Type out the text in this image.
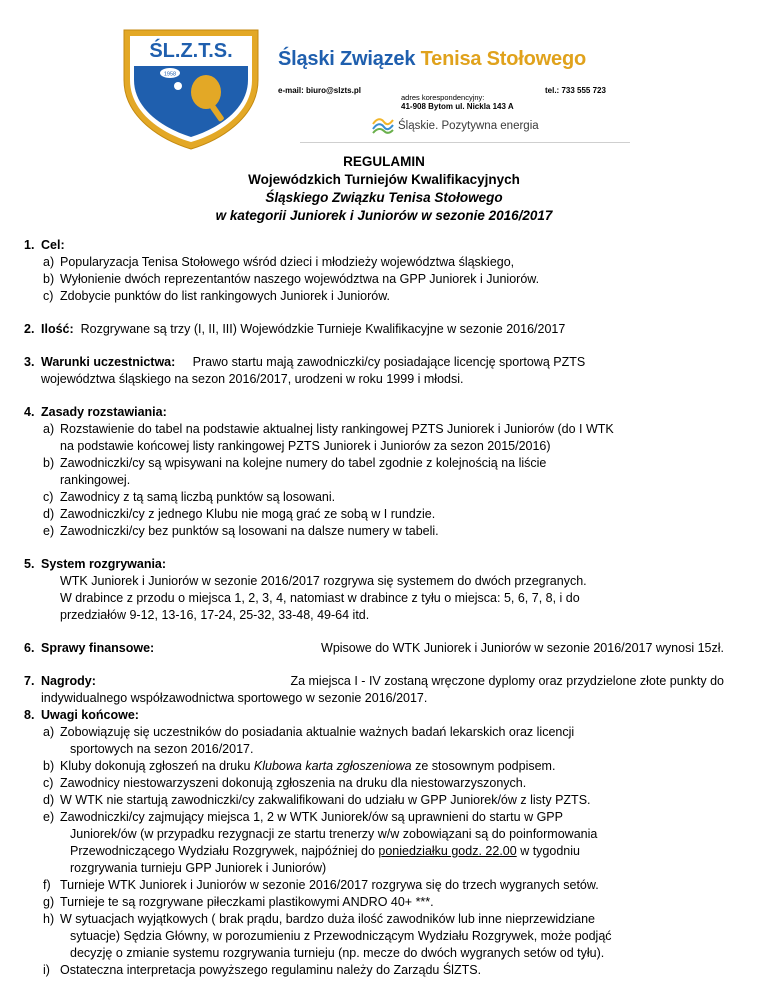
1958
ŚL.Z.T.S. Śląski Związek Tenisa Stołowego
e-mail: biuro@slzts.pl	tel.: 733 555 723
adres korespondencyjny:
41-908 Bytom ul. Nickla 143 A
Śląskie.
Pozytywna energia
REGULAMIN
Wojewódzkich Turniejów Kwalifikacyjnych
Śląskiego Związku Tenisa Stołowego
w kategorii Juniorek i Juniorów w sezonie 2016/2017
1. Cel:
a) Popularyzacja Tenisa Stołowego wśród dzieci i młodzieży województwa śląskiego,
b) Wyłonienie dwóch reprezentantów naszego województwa na GPP Juniorek i Juniorów.
c) Zdobycie punktów do list rankingowych Juniorek i Juniorów.
2. Ilość: Rozgrywane są trzy (I, II, III) Wojewódzkie Turnieje Kwalifikacyjne w sezonie 2016/2017
3. Warunki uczestnictwa: Prawo startu mają zawodniczki/cy posiadające licencję sportową PZTS
województwa śląskiego na sezon 2016/2017, urodzeni w roku 1999 i młodsi.
4. Zasady rozstawiania:
a) Rozstawienie do tabel na podstawie aktualnej listy rankingowej PZTS Juniorek i Juniorów (do I WTK
na podstawie końcowej listy rankingowej PZTS Juniorek i Juniorów za sezon 2015/2016)
b) Zawodniczki/cy są wpisywani na kolejne numery do tabel zgodnie z kolejnością na liście
rankingowej.
c) Zawodnicy z tą samą liczbą punktów są losowani.
d) Zawodniczki/cy z jednego Klubu nie mogą grać ze sobą w I rundzie.
e) Zawodniczki/cy bez punktów są losowani na dalsze numery w tabeli.
5. System rozgrywania:
WTK Juniorek i Juniorów w sezonie 2016/2017 rozgrywa się systemem do dwóch przegranych.
W drabince z przodu o miejsca 1, 2, 3, 4, natomiast w drabince z tyłu o miejsca: 5, 6, 7, 8, i do
przedziałów 9-12, 13-16, 17-24, 25-32, 33-48, 49-64 itd.
6. Sprawy finansowe:	Wpisowe do WTK Juniorek i Juniorów w sezonie 2016/2017 wynosi 15zł.
7. Nagrody:	Za miejsca I - IV zostaną wręczone dyplomy oraz przydzielone złote punkty do
indywidualnego współzawodnictwa sportowego w sezonie 2016/2017.
8. Uwagi końcowe:
a) Zobowiązuję się uczestników do posiadania aktualnie ważnych badań lekarskich oraz licencji
sportowych na sezon 2016/2017.
b) Kluby dokonują zgłoszeń na druku Klubowa karta zgłoszeniowa ze stosownym podpisem.
c) Zawodnicy niestowarzyszeni dokonują zgłoszenia na druku dla niestowarzyszonych.
d) W WTK nie startują zawodniczki/cy zakwalifikowani do udziału w GPP Juniorek/ów z listy PZTS.
e) Zawodniczki/cy zajmujący miejsca 1, 2 w WTK Juniorek/ów są uprawnieni do startu w GPP
Juniorek/ów (w przypadku rezygnacji ze startu trenerzy w/w zobowiązani są do poinformowania
Przewodniczącego Wydziału Rozgrywek, najpóźniej do poniedziałku godz. 22.00 w tygodniu
rozgrywania turnieju GPP Juniorek i Juniorów)
f) Turnieje WTK Juniorek i Juniorów w sezonie 2016/2017 rozgrywa się do trzech wygranych setów.
g) Turnieje te są rozgrywane piłeczkami plastikowymi ANDRO 40+ ***.
h) W sytuacjach wyjątkowych ( brak prądu, bardzo duża ilość zawodników lub inne nieprzewidziane
sytuacje) Sędzia Główny, w porozumieniu z Przewodniczącym Wydziału Rozgrywek, może podjąć
decyzję o zmianie systemu rozgrywania turnieju (np. mecze do dwóch wygranych setów od tyłu).
i) Ostateczna interpretacja powyższego regulaminu należy do Zarządu ŚlZTS.
